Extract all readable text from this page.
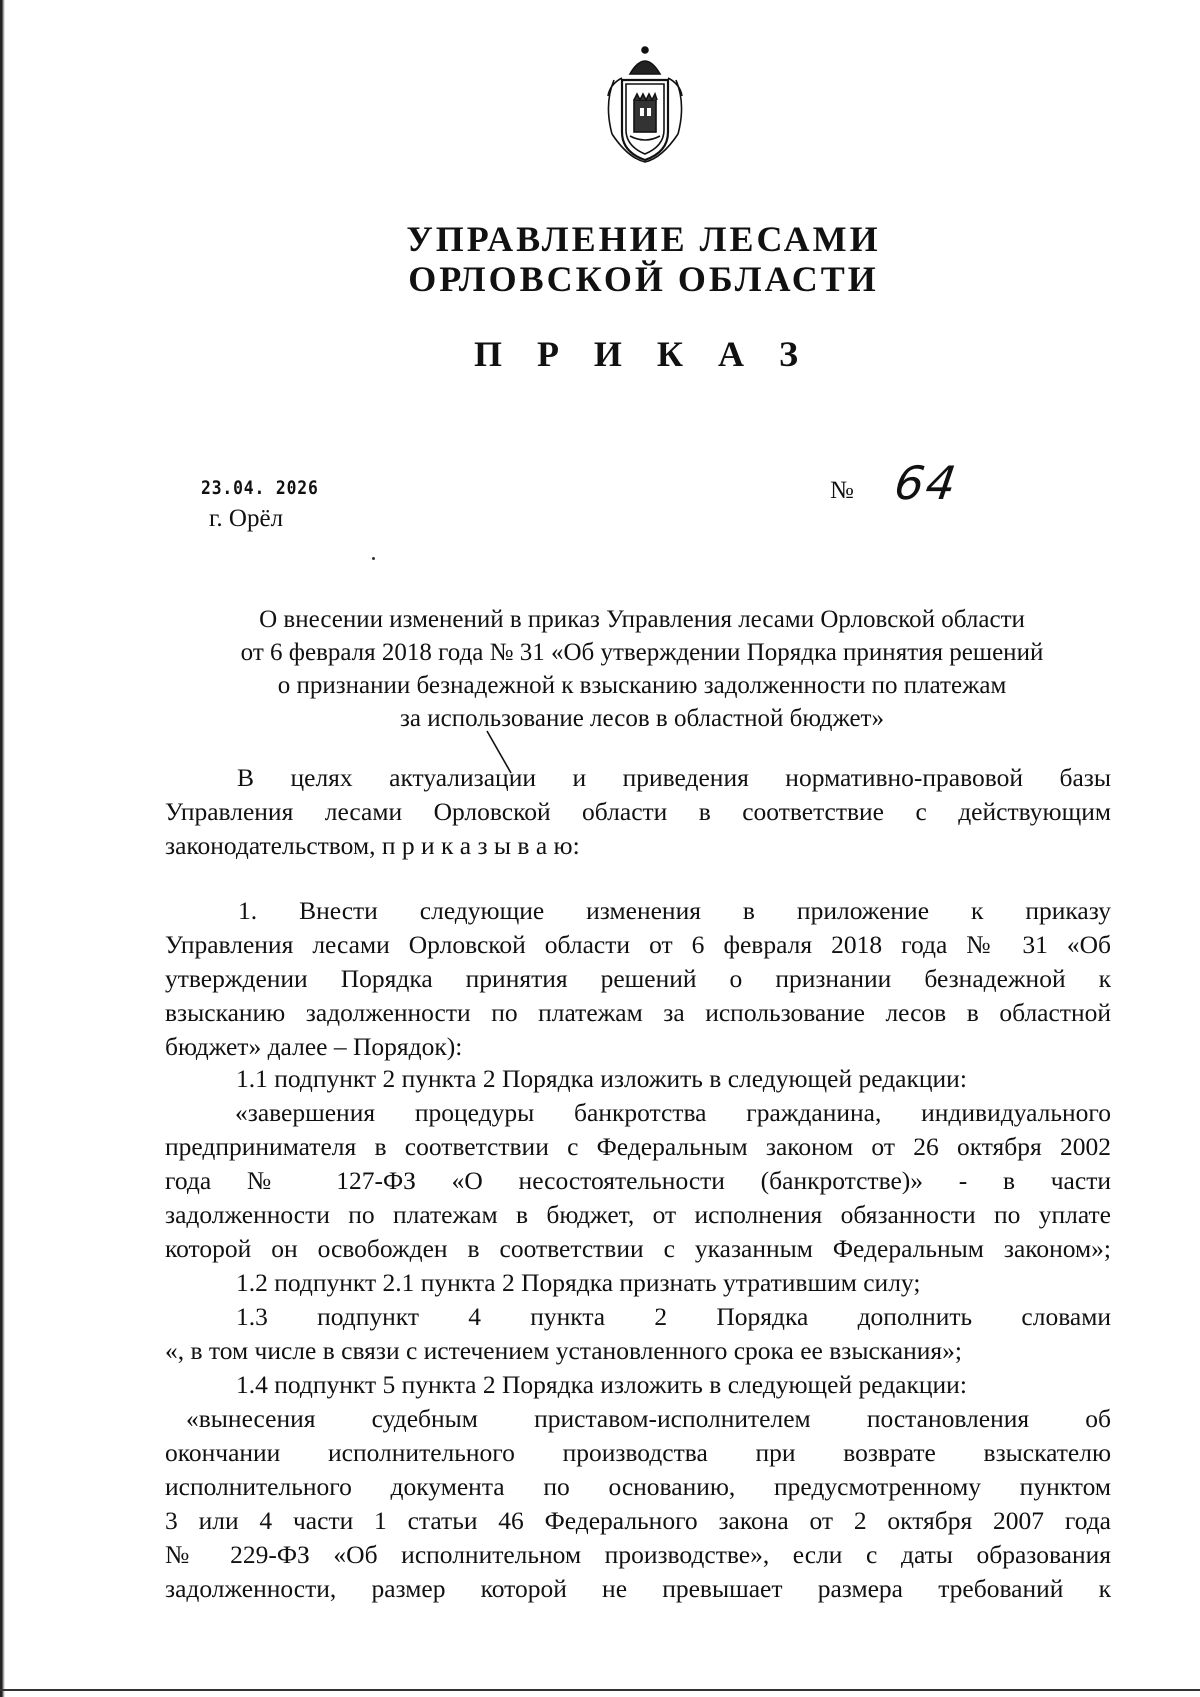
УПРАВЛЕНИЕ ЛЕСАМИ
ОРЛОВСКОЙ ОБЛАСТИ
П Р И К А З
23.04. 2026
г. Орёл
№ 64
О внесении изменений в приказ Управления лесами Орловской области
от 6 февраля 2018 года № 31 «Об утверждении Порядка принятия решений
о признании безнадежной к взысканию задолженности по платежам
за использование лесов в областной бюджет»
В целях актуализации и приведения нормативно-правовой базы
Управления лесами Орловской области в соответствие с действующим
законодательством, п р и к а з ы в а ю:
1. Внести следующие изменения в приложение к приказу
Управления лесами Орловской области от 6 февраля 2018 года № 31 «Об
утверждении Порядка принятия решений о признании безнадежной к
взысканию задолженности по платежам за использование лесов в областной
бюджет» далее – Порядок):
1.1 подпункт 2 пункта 2 Порядка изложить в следующей редакции:
«завершения процедуры банкротства гражданина, индивидуального
предпринимателя в соответствии с Федеральным законом от 26 октября 2002
года № 127-ФЗ «О несостоятельности (банкротстве)» - в части
задолженности по платежам в бюджет, от исполнения обязанности по уплате
которой он освобожден в соответствии с указанным Федеральным законом»;
1.2 подпункт 2.1 пункта 2 Порядка признать утратившим силу;
1.3 подпункт 4 пункта 2 Порядка дополнить словами
«, в том числе в связи с истечением установленного срока ее взыскания»;
1.4 подпункт 5 пункта 2 Порядка изложить в следующей редакции:
«вынесения судебным приставом-исполнителем постановления об
окончании исполнительного производства при возврате взыскателю
исполнительного документа по основанию, предусмотренному пунктом
3 или 4 части 1 статьи 46 Федерального закона от 2 октября 2007 года
№ 229-ФЗ «Об исполнительном производстве», если с даты образования
задолженности, размер которой не превышает размера требований к
